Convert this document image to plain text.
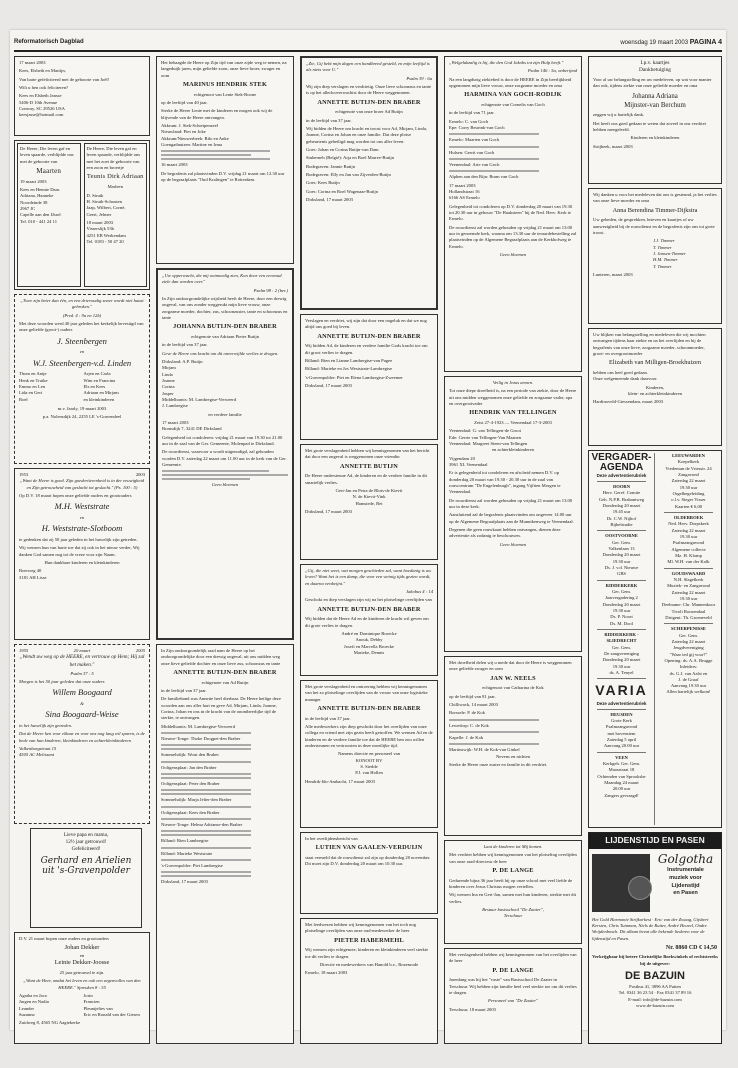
Reformatorisch Dagblad	woensdag 19 maart 2003 PAGINA 4

17 maart 2003

Kees, Elsbeth en Martijn,

Van harte gefeliciteerd met de geboorte van Joël!

Wilt u hen ook feliciteren?

Kees en Elsbeth Jansse

5406-D 10th Avenue

Conway, SC 29526 USA

keesjasse@hotmail.com

De Heere, Die leven gaf en leven spaarde, verblijdde ons met de geboorte van

Maarten

19 maart 2003

Kees en Hennie Daas

Adriana, Hanneke

Noordeinde 38

2967 JC

Capelle aan den IJssel

Tel. 010 - 441 24 11

De Heere, Die leven gaf en leven spaarde, verblijdde ons met het zoet de geboorte van een zoon en broertje

Teunis Dirk Adriaan

Marleen

D. Struik

H. Struik-Schouten

Jaap, Wilbert, Corné,

Geert, Jelmer

18 maart 2003

Visserslijk 53b

4251 EB Werkendam

Tel. 0183 - 50 47 20

„Twee zijn beter dan één, en een drievoudig snoer wordt niet haast gebroken."

(Pred. 4 : 9a en 12b)

Met deze woorden werd 40 jaar geleden het kerkelijk bevestigd van onze geliefde (groot-) ouders

J. Steenbergen

en

W.J. Steenbergen-v.d. Linden

Thom en Antje

Henk en Truike

Emmo en Len

Lida en Gert

Roel

Arjen en Carla

Wim en Francina

Els en Kees

Adriaan en Mirjam

en kleinkinderen

m.v. Jaarly, 19 maart 2003

p.a. Nolensdijk 24, 2255 LE 's-Gravendeel

1953	2003

„Want de Heere is goed. Zijn goedertierenheid is in der eeuwigheid en Zijn getrouwheid van geslacht tot geslacht." (Ps. 100 : 5)

Op D.V. 18 maart hopen onze geliefde ouders en grootouders

M.H. Weststrate

en

H. Weststrate-Slotboom

te gedenken dat zij 50 jaar geleden in het huwelijk zijn getreden.

Wij wensen hun van harte toe dat zij ook in het nieuw verder, Wij danken God samen nog tot de vreze voor zijn Naam.

Hun dankbare kinderen en kleinkinderen

Boerweg 40

3181 AH Lisse

1955	20 maart	2005

„Wendt uw weg op de HEERE, en vertrouw op Hem; Hij zal het maken."

Psalm 37 : 5

Morgen is het 50 jaar geleden dat onze ouders

Willem Boogaard

&

Sina Boogaard-Weise

in het huwelijk zijn getreden.

Dat de Heere hen voor elkaar en voor ons nog lang wil sparen, is de bede van hun kinderen, kleinkinderen en achterkleinkinderen

Valkenburgstraat 15

4505 AC Melissant

Lieve papa en mama,

12½ jaar getrouwd!

Gefeliciteerd!

Gerhard en Arielien uit 's-Gravenpolder

D.V. 21 maart hopen onze ouders en grootouders

Johan Dekker

en

Leinie Dekker-Joosse

25 jaar getrouwd te zijn.

„Want de Heer, omdat het leven en ook een zegenvolles van den HEERE." Spreuken 8 : 35

Agatha en Jaco

Jurgen en Nadia

Leander

Suzanna

Jorin

Francien

Pleuntjelies van

Eric en Ronald van der Giesen

Zuidweg 8, 4565 NG Aagtekerke

Het behaagde de Heere op Zijn tijd van onze zijde weg te nemen, na langeduijk jaren, mijn geliefde zoon, onze lieve broer, zwager en oom

MARINUS HENDRIK STEK

echtgenoot van Lenie Stek-Boone

op de leeftijd van 40 jaar.

Sterke de Heere Lenie met de kinderen en mogen ook wij de blijvende van de Heere ontvangen.

Akkrum: J. Stek-Schietpenzeel

Nieuwland: Piet en Joke

Akkrum/Nieuwerbeek: Bilo en Anke

Goengadnuizen: Martine en Irma

16 maart 2003

De begrafenis zal plaatsvinden D.V. vrijdag 21 maart om 12.30 uur op de begraafplaats "Oud Kralingen" te Rotterdam.

„Uw opperwacht, die mij ootmoedig zien, Kon door een eenvoud ziele dan worden over."

Psalm 98 : 2 (ber.)

In Zijn ondoorgrondelijke wijsheid heeft de Heere, door een drewig ongeval, van ons zonder weggerukt mijn lieve vrouw, onze zorgzame moeder, dochter, zus, schoonzuster, tante en schoonzus en tante

JOHANNA BUTIJN-DEN BRABER

echtgenote van Adriaan Pieter Butijn

in de leeftijd van 37 jaar.

Geve de Heere ons kracht om dit onverwijlde verlies te dragen.

Dirksland: A.P. Butijn

Mirjam

Linda

Joanne

Corina

Jasper

Middelharnis: M. Lambregtse-Verweerd

J. Lambregtse

en verdere familie

17 maart 2003

Bronsdijk 7, 3241 DE Dirksland

Gelegenheid tot condoleren: vrijdag 21 maart van 19.30 tot 21.00 uur in de zaal van de Ger. Gemeente, Molenpad te Dirksland.

De rouwdienst, waarvoor u wordt uitgenodigd, zal gehouden worden D.V. zaterdag 22 maart om 11.00 uur in de kerk van de Ger. Gemeente.

Geen bloemen

In Zijn ondoorgrondelijk raad nam de Heere op het ondoorgrondelijke door een drewig ongeval, uit ons midden weg onze lieve geliefde dochter en onze lieve zus, schoonzus en tante

ANNETTE BUTIJN-DEN BRABER

echtgenote van Ad Butijn

in de leeftijd van 37 jaar.

De familieband was Annette heel dierbaar. De Heere heilige deze woorden aan ons aller hart en geve Ad, Mirjam, Linda, Joanne, Corina, Johan en ons in de kracht van de onontbeerlijke tijd de sterkte, te ontvangen.

Middelharnis: M. Lambregtse-Verweerd

Nieuwe-Tonge: Thoke Drogpet-den Braber

Sommelsdijk: Wout den Braber

Ooltgensplaat: Jan den Braber

Ooltgensplaat: Peter den Braber

Sommelsdijk: Marja Jelier-den Braber

Ooltgensplaat: Kees den Braber

Nieuwe-Tonge: Helma Adrianse-den Braber

Rilland: Rien Lambregtse

Rilland: Marieke Weststrate

's-Gravenpolder: Piet Lambregtse

Dirksland, 17 maart 2003

„Zie, Gij hebt mijn dagen een handbreed gesteld, en mijn leeftijd is als niets voor U."

Psalm 39 : 6a

Wij zijn diep verslagen en verdrietig. Onze lieve schoonzus en tante is op het allerlooverwachtst door de Heere weggenomen.

ANNETTE BUTIJN-DEN BRABER

echtgenote van onze broer Ad Butijn

in de leeftijd van 37 jaar.

Wij bidden de Heere om kracht en troost voor Ad, Mirjam, Linda, Joanne, Corina en Johan en onze familie. Dat deze plotse gebeurtenis geheiligd mag worden tot ons aller leven.

Goes: Johan en Corina Butijn-van Dam

Stuberneb (Belgié): Arja en Boel Marree-Butijn

Bodegraven: Jannie Butijn

Bodegraven: Elly en Jan van Zijverden-Butijn

Goes: Kees Butijn

Goes: Corina en Roel Wagenaar-Butijn

Dirksland, 17 maart 2003

Verslagen en verdriet, wij zijn dat door een ongeluk en dat we nog altijd ons goed bij leven.

ANNETTE BUTIJN-DEN BRABER

Wij bidden Ad, de kinderen en verdere familie Gods kracht toe om dit groot verlies te dragen.

Rilland: Rien en Lianne Lambregtse-van Pagee

Rilland: Marieke en Jos Weststrate-Lambregtse

's-Gravenpolder: Piet en Elena Lambregtse-Zweemer

Dirksland, 17 maart 2003

Met grote verslagenheid hebben wij kennisgenomen van het bericht dat door een ongeval is weggenomen onze vriendin

ANNETTE BUTIJN

De Heere ondersteune Ad, de kinderen en de verdere familie in dit smartelijk verlies.

Gert-Jan en Petra de Blois-de Kievit

N. de Kievit-Vink

Hamstede, Bei

Dirksland, 17 maart 2003

„Gij, die niet weet, wat morgen geschieden zal, want hoedanig is uw leven? Want het is een damp, die voor een weinig tijds gezien wordt, en daarna verdwijnt."

Jakobus 4 : 14

Geschokt en diep verslagen zijn wij na het plotselinge overlijden van

ANNETTE BUTIJN-DEN BRABER

Wij bidden dat de Heere Ad en de kinderen de kracht wil geven om dit grote verlies te dragen.

André en Dominique Broecke

Anouk, Debby

Josefi en Marcella Broecke

Marieke, Dennis

Met grote verslagenheid en ontroering hebben wij kennisgenomen van het zo plotselinge overlijden van de vrouw van onze logistieke manager

ANNETTE BUTIJN-DEN BRABER

in de leeftijd van 37 jaar.

Alle medewerkers zijn diep geschokt door het overlijden van onze collega en vriend met zijn gezin heeft getroffen. We wensen Ad en de kinderen en de verdere familie toe dat de HEERE hen zou willen ondersteunen en vertroosten in deze moeilijke tijd.

Namens directie en personeel van

KONOOT BV

S. Siedde

P.J. van Hollen

Hendrik-Ido-Ambacht, 17 maart 2003

In het overlijdensbericht van

LUTIEN VAN GAALEN-VERDUIJN

staat vermeld dat de rouwdienst zal zijn op donderdag 20 november. Dit moet zijn D.V. donderdag 20 maart om 10.30 uur.

Met leedwezen hebben wij kennisgenomen van het toch nog plotselinge overlijden van onze oud-medewerker de heer

PIETER HABERMEHL

Wij wensen zijn echtgenote, kinderen en kleinkinderen veel sterkte toe dit verlies te dragen.

Directie en medewerkers van Hanold b.v., Rozenrode

Ermelo, 18 maart 2003

„Welgelukzalig is hij, die den God Jakobs tot zijn Hulp heeft."

Psalm 146 : 5a, onberijmd

Na een langdurig ziektebed is door de HEERE in Zijn heerlijkheid opgenomen mijn lieve vrouw, onze zorgzame moeder en oma

HARMINA VAN GOCH-RODIJK

echtgenote van Cornelis van Goch

in de leeftijd van 71 jaar.

Ermelo: C. van Goch

Epe: Corry Beurink-van Goch

Ermelo: Maarten van Goch

Hulsen: Gerrit van Goch

Veenendaal: Arie van Goch

Alphen aan den Rijn: Bram van Goch

17 maart 2003

Hollandstraat 16

6166 AS Ermelo

Gelegenheid tot condoleren op D.V. donderdag 20 maart van 19.30 tot 20.30 uur in gebouw "De Haaksteen" bij de Ned. Herv. Kerk te Ermelo.

De rouwdienst zal worden gehouden op vrijdag 21 maart om 13.00 uur in genoemde kerk, waarna om 13.30 uur de teraardebestelling zal plaatsvinden op de Algemene Begraafplaats aan de Kerkhofweg te Ermelo.

Geen bloemen

Veilig in Jezus armen.

Tot onze diepe droefheid is, na een periode van ziekte, door de Heere uit ons midden weggenomen onze geliefde en zorgzame vader, opa en overgrootvader

HENDRIK VAN TELLINGEN

Zeist 27-4-1923 — Veenendaal 17-3-2003

Veenendaal: G. van Tellingen-de Groot

Ede: Gerrie van Tellingen-Van Maanen

Veenendaal: Margreet Steen-van Tellingen

en achterkleinkinderen

Vijgendam 20

3961 XL Veenendaal

Er is gelegenheid tot condoleren en afscheid nemen D.V. op donderdag 20 maart van 19.30 - 20.30 uur in de zaal van rouwcentrum "De Engelenburgh", ingang Vijftien Morgen te Veenendaal.

De rouwdienst zal worden gehouden op vrijdag 21 maart om 13.00 uur in deze kerk.

Aansluitend zal de begrafenis plaatsvinden om ongeveer 14.00 uur op de Algemene Begraafplaats aan de Munnikenweg te Veenendaal.

Degenen die geen rouwkaart hebben ontvangen, dienen deze advertentie als zodanig te beschouwen.

Geen bloemen

Met droefheid delen wij u mede dat door de Heere is weggenomen onze geliefde zwager en oom

JAN W. NEELS

echtgenoot van Catharina de Kok

op de leeftijd van 81 jaar.

Chilliwack, 14 maart 2003

Borssele: P. de Kok

Lewedorp: C. de Kok

Kapelle: J. de Kok

Martinswijk: W.H. de Kok-van Ginkel

Nevens en nichten

Sterke de Heere onze zuster en familie in dit verdriet.

Laat de kinderen tot Mij komen.

Met verdriet hebben wij kennisgenomen van het plotseling overlijden van onze raad-directeur de heer

P. DE LANGE

Gedurende bijna 36 jaar heeft hij op onze school met veel liefde de kinderen over Jezus Christus mogen vertellen.

Wij wensen Ina en Gert-Jan, samen met hun kinderen, sterkte met dit verlies.

Bestuur basisschool "De Zaaier",

Terschuur

Met verslagenheid hebben wij kennisgenomen van het overlijden van de heer

P. DE LANGE

Jarenlang was hij het "vaste" van Basisschool De Zaaier in Terschuur. Wij hebben zijn familie heel veel sterkte toe om dit verlies te dragen.

Personeel van "De Zaaier"

Terschuur, 18 maart 2003

I.p.v. kaartjes

Dankbetuiging

Voor al uw belangstelling en uw medeleven, op wat voor manier dan ook, tijdens ziekte van onze geliefde moeder en oma

Johanna Adriana

Mijnster-van Berchum

zeggen wij u hartelijk dank.

Het heeft ons goed gedaan te weten dat zoveel in ons verdriet hebben meegeleefd.

Kinderen en kleinkinderen

Strijbeek, maart 2003

Wij danken u voor het medeleven dat ons is gesteund, ja het verlies van onze lieve moeder en oma

Anna Berendina Timmer-Dijkstra

Uw gebeden, de gesprekken, brieven en kaartjes of uw aanwezigheid bij de rouwdienst en de begrafenis zijn ons tot grote troost.

J.J. Timmer

T. Timmer

J. Jansen-Timmer

H.M. Timmer

T. Timmer

Lunteren, maart 2003

Uw blijken van belangstelling en medeleven die wij mochten ontvangen tijdens haar ziekte en na het overlijden en bij de begrafenis van onze lieve, zorgzame moeder, schoonmoeder, groot- en overgrootmoeder

Elizabeth van Milligen-Broekhuizen

hebben ons heel goed gedaan.

Onze welgemeende dank daarvoor.

Kinderen,

klein- en achterkleinkinderen

Hardinxveld-Giessendam, maart 2003

VERGADER-AGENDA
Deze advertentierubriek

DOORN

Herv. Geref. Comite

Geh. N.P.B. Brabantweg

Donderdag 20 maart

19.45 uur

Dr. C.W. Nijhof

Bijbelstudie

OOSTVOORNE

Ger. Gem.

Valkenlaan 13

Donderdag 20 maart

19.30 uur

Ds. J. v.d. Nieuwe

GBS

RIDDERKERK

Ger. Gem.

Jaarvergadering 2

Donderdag 20 maart

19.30 uur

Ds. P. Noort

Ds. M. Dool

RIDDERKERK - SLIEDRECHT

Ger. Gem.

De zangvereniging

Donderdag 20 maart

19.30 uur

ds. A. Tenyel

VARIA
Deze advertentierubriek

HEUSDEN

Grote Kerk

Psalmzangavond

met bovenstem

Zaterdag 5 april

Aanvang 20.00 uur

VEEN

Kerkgeb. Ger. Gem.

Maasstraat 18

Ochtenden van Sprooksbe

Maandag 24 maart

20.00 uur

Zangers gevraagd!

LEEUWARDEN

Koepelkerk

Vredeman de Vriesstr. 24

Zangavond

Zaterdag 22 maart

19.30 uur

Orgelbegeleiding

o.l.v. Sieger Visser

Kaarten € 6,00

OLDEBROEK

Ned. Herv. Dorpskerk

Zaterdag 22 maart

19.30 uur

Psalmzangavond

Algemene collecte

Mz. H. Klomp

Ml. W.H. van der Kolk

GOUDSWAARD

N.H. Slagelkerk

Muziek- en Zangavond

Zaterdag 22 maart

19.30 uur

Deelname: Chr. Mannenkoor

Tivoli Roosendaal

Dirigent: Th. Groeneveld

SCHERPENISSE

Ger. Gem.

Zaterdag 22 maart

Jeugdvereniging

"Waar ted gij voor?"

Opening: ds. A.A. Brugge

Inleiders:

ds. G.J. van Aalst en

J. de Graaf

Aanvang 19.30 uur

Allen hartelijk welkom!

LIJDENSTIJD EN PASEN
Golgotha
Instrumentale
muziek voor
Lijdenstijd
en Pasen

Het Gold Harmonie Strijkorkest · Eric van der Zwaag, Gijsbert Kersten, Chris Tuinman, Niels de Ruiter, André Heuvel, Ondre Weijdenbosch. Dit album bevat alle bekende liederen voor de lijdenstijd en Pasen.

Nr. 8860 CD € 14,50

Verkrijgbaar bij betere Christelijke Boekwinkels of rechtstreeks bij de uitgever:

DE BAZUIN

Postbus 41, 3896 AA Putten

Tel. 0341 36 23 54 · Fax 0341 37 89 16

E-mail: info@de-bazuin.com

www.de-bazuin.com
